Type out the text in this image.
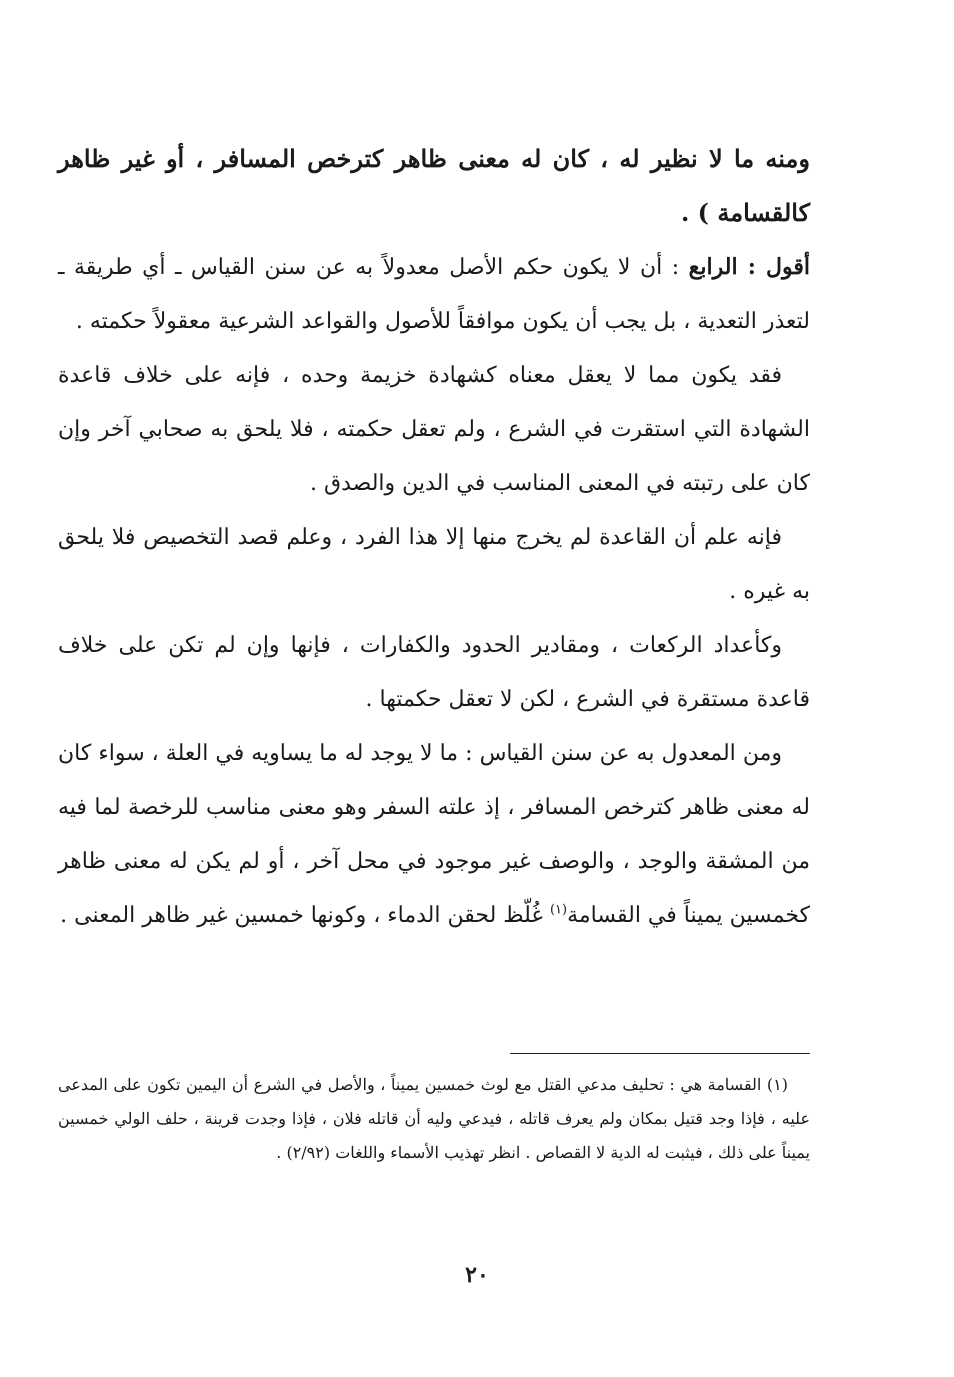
ومنه ما لا نظير له ، كان له معنى ظاهر كترخص المسافر ، أو غير ظاهر كالقسامة ) .

أقول : الرابع : أن لا يكون حكم الأصل معدولاً به عن سنن القياس ـ أي طريقة ـ لتعذر التعدية ، بل يجب أن يكون موافقاً للأصول والقواعد الشرعية معقولاً حكمته .

فقد يكون مما لا يعقل معناه كشهادة خزيمة وحده ، فإنه على خلاف قاعدة الشهادة التي استقرت في الشرع ، ولم تعقل حكمته ، فلا يلحق به صحابي آخر وإن كان على رتبته في المعنى المناسب في الدين والصدق .

فإنه علم أن القاعدة لم يخرج منها إلا هذا الفرد ، وعلم قصد التخصيص فلا يلحق به غيره .

وكأعداد الركعات ، ومقادير الحدود والكفارات ، فإنها وإن لم تكن على خلاف قاعدة مستقرة في الشرع ، لكن لا تعقل حكمتها .

ومن المعدول به عن سنن القياس : ما لا يوجد له ما يساويه في العلة ، سواء كان له معنى ظاهر كترخص المسافر ، إذ علته السفر وهو معنى مناسب للرخصة لما فيه من المشقة والوجد ، والوصف غير موجود في محل آخر ، أو لم يكن له معنى ظاهر كخمسين يميناً في القسامة$^{(١)}$ غُلّظ لحقن الدماء ، وكونها خمسين غير ظاهر المعنى .

(١) القسامة هي : تحليف مدعي القتل مع لوث خمسين يميناً ، والأصل في الشرع أن اليمين تكون على المدعى عليه ، فإذا وجد قتيل بمكان ولم يعرف قاتله ، فيدعي وليه أن قاتله فلان ، فإذا وجدت قرينة ، حلف الولي خمسين يميناً على ذلك ، فيثبت له الدية لا القصاص . انظر تهذيب الأسماء واللغات (٢/٩٢) .

٢٠
